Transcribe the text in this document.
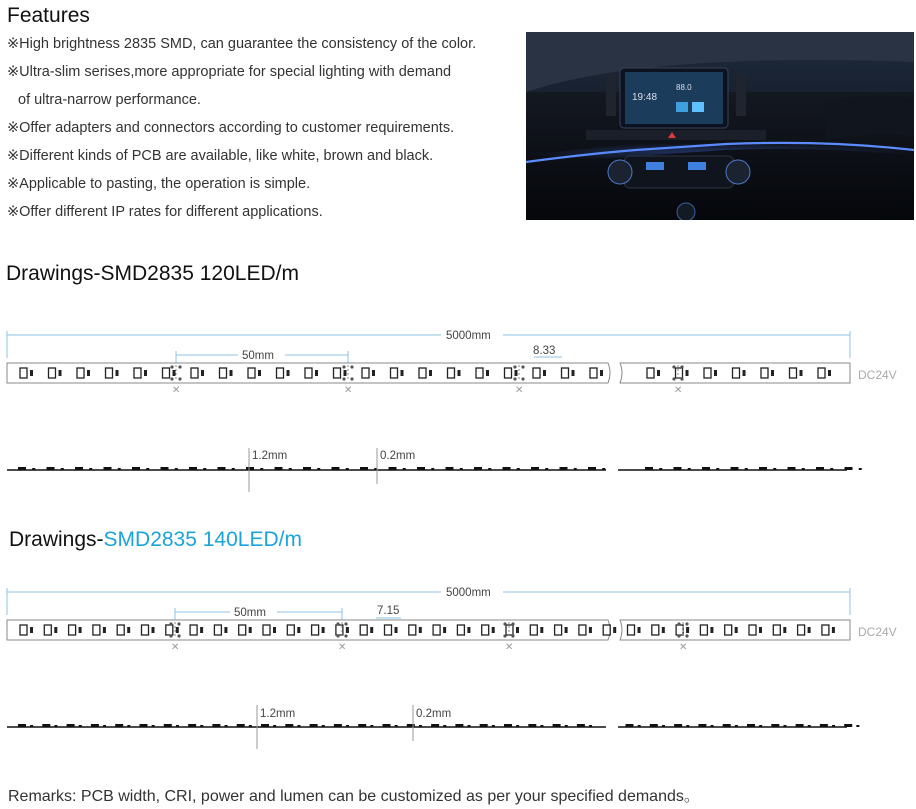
Features
※High brightness 2835 SMD, can guarantee the consistency of the color.
※Ultra-slim serises,more appropriate for special lighting with demand
of ultra-narrow performance.
※Offer adapters and connectors according to customer requirements.
※Different kinds of PCB are available, like white, brown and black.
※Applicable to pasting, the operation is simple.
※Offer different IP rates for different applications.
19:48
88.0
Drawings-SMD2835 120LED/m
5000mm
50mm	8.33
✕	✕	✕	✕
DC24V
1.2mm	0.2mm
Drawings-SMD2835 140LED/m
5000mm
50mm	7.15
✕	✕	✕	✕
DC24V
1.2mm	0.2mm
Remarks: PCB width, CRI, power and lumen can be customized as per your specified demands。
